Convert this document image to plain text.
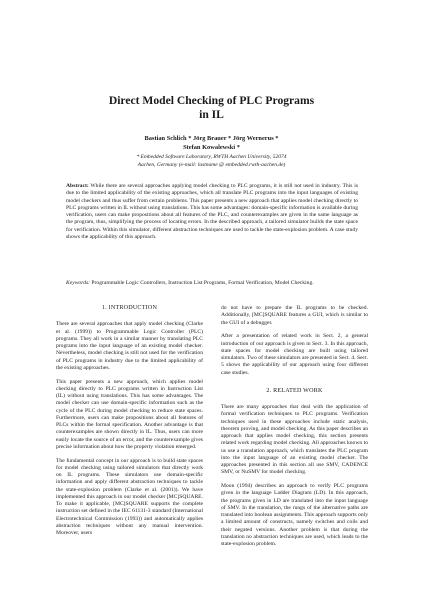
Direct Model Checking of PLC Programs
in IL
Bastian Schlich * Jörg Brauer * Jörg Wernerus *
Stefan Kowalewski *
* Embedded Software Laboratory, RWTH Aachen University, 52074
Aachen, Germany (e-mail: lastname @ embedded.rwth-aachen.de)
Abstract: While there are several approaches applying model checking to PLC programs, it is still not used in industry. This is due to the limited applicability of the existing approaches, which all translate PLC programs into the input languages of existing model checkers and thus suffer from certain problems. This paper presents a new approach that applies model checking directly to PLC programs written in IL without using translations. This has some advantages: domain-specific information is available during verification, users can make propositions about all features of the PLC, and counterexamples are given in the same language as the program, thus, simplifying the process of locating errors. In the described approach, a tailored simulator builds the state space for verification. Within this simulator, different abstraction techniques are used to tackle the state-explosion problem. A case study shows the applicability of this approach.
Keywords: Programmable Logic Controllers, Instruction List Programs, Formal Verification, Model Checking.
1. INTRODUCTION

There are several approaches that apply model checking (Clarke et al. (1999)) to Programmable Logic Controller (PLC) programs. They all work in a similar manner by translating PLC programs into the input language of an existing model checker. Nevertheless, model checking is still not used for the verification of PLC programs in industry due to the limited applicability of the existing approaches.

This paper presents a new approach, which applies model checking directly to PLC programs written in Instruction List (IL) without using translations. This has some advantages. The model checker can use domain-specific information such as the cycle of the PLC during model checking to reduce state spaces. Furthermore, users can make propositions about all features of PLCs within the formal specification. Another advantage is that counterexamples are shown directly in IL. Thus, users can more easily locate the source of an error, and the counterexample gives precise information about how the property violation emerged.

The fundamental concept in our approach is to build state spaces for model checking using tailored simulators that directly work on IL programs. These simulators use domain-specific information and apply different abstraction techniques to tackle the state-explosion problem (Clarke et al. (2001)). We have implemented this approach in our model checker [MC]SQUARE. To make it applicable, [MC]SQUARE supports the complete instruction set defined in the IEC 61131-3 standard (International Electrotechnical Commission (1993)) and automatically applies abstraction techniques without any manual intervention. Moreover, users

do not have to prepare the IL programs to be checked. Additionally, [MC]SQUARE features a GUI, which is similar to the GUI of a debugger.

After a presentation of related work in Sect. 2, a general introduction of our approach is given in Sect. 3. In this approach, state spaces for model checking are built using tailored simulators. Two of these simulators are presented in Sect. 4. Sect. 5 shows the applicability of our approach using four different case studies.

2. RELATED WORK

There are many approaches that deal with the application of formal verification techniques to PLC programs. Verification techniques used in these approaches include static analysis, theorem proving, and model checking. As this paper describes an approach that applies model checking, this section presents related work regarding model checking. All approaches known to us use a translation approach, which translates the PLC program into the input language of an existing model checker. The approaches presented in this section all use SMV, CADENCE SMV, or NuSMV for model checking.

Moon (1994) describes an approach to verify PLC programs given in the language Ladder Diagram (LD). In this approach, the programs given in LD are translated into the input language of SMV. In the translation, the rungs of the alternative paths are translated into boolean assignments. This approach supports only a limited amount of constructs, namely switches and coils and their negated versions. Another problem is that during the translation no abstraction techniques are used, which leads to the state-explosion problem.
